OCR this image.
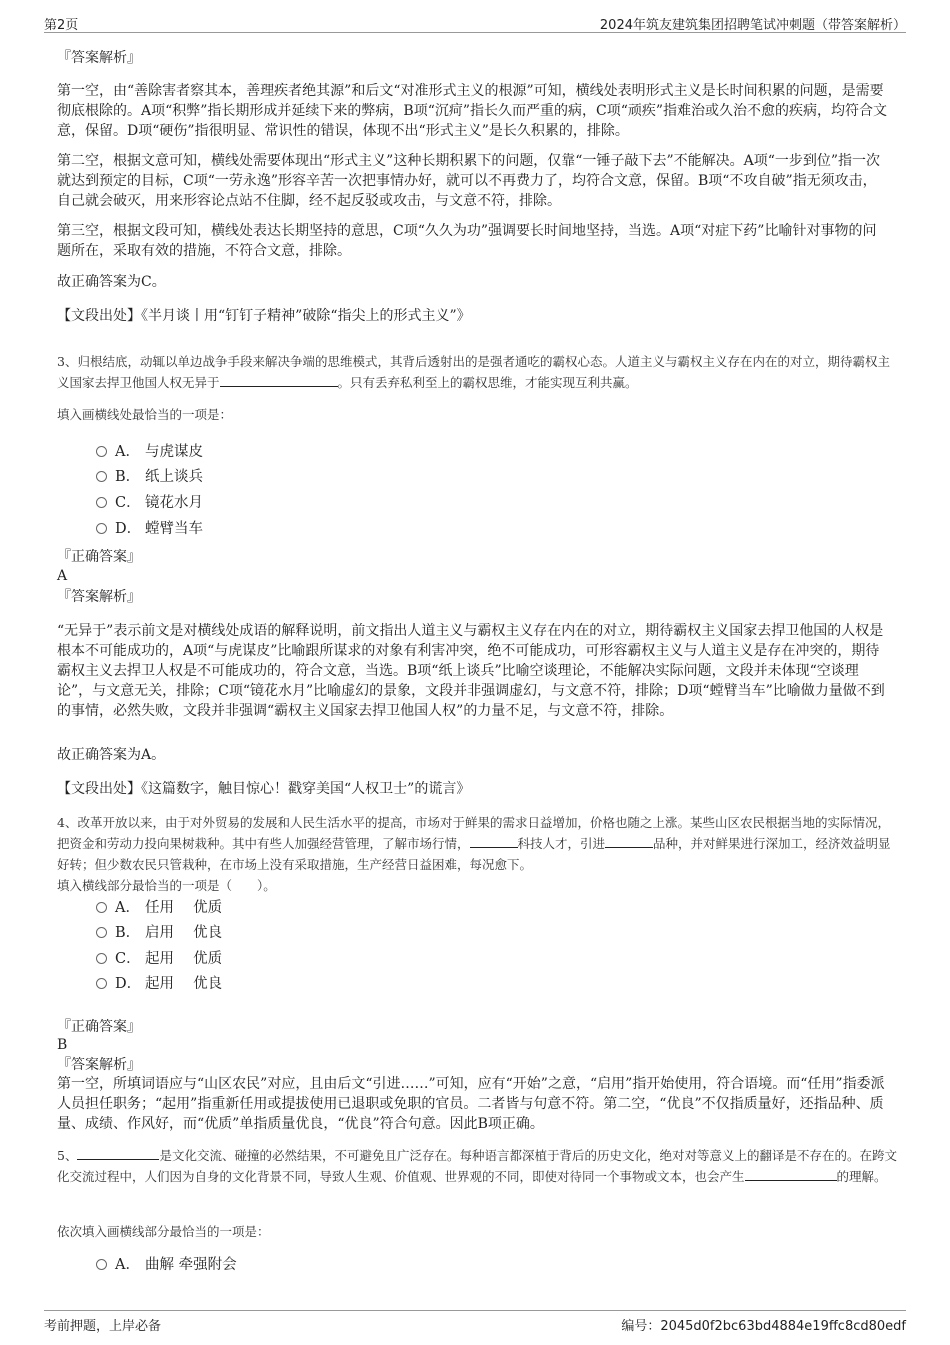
第2页	2024年筑友建筑集团招聘笔试冲刺题（带答案解析）
『答案解析』
第一空，由“善除害者察其本，善理疾者绝其源”和后文“对准形式主义的根源”可知，横线处表明形式主义是长时间积累的问题，是需要彻底根除的。A项“积弊”指长期形成并延续下来的弊病，B项“沉疴”指长久而严重的病，C项“顽疾”指难治或久治不愈的疾病，均符合文意，保留。D项“硬伤”指很明显、常识性的错误，体现不出“形式主义”是长久积累的，排除。
第二空，根据文意可知，横线处需要体现出“形式主义”这种长期积累下的问题，仅靠“一锤子敲下去”不能解决。A项“一步到位”指一次就达到预定的目标，C项“一劳永逸”形容辛苦一次把事情办好，就可以不再费力了，均符合文意，保留。B项“不攻自破”指无须攻击，自己就会破灭，用来形容论点站不住脚，经不起反驳或攻击，与文意不符，排除。
第三空，根据文段可知，横线处表达长期坚持的意思，C项“久久为功”强调要长时间地坚持，当选。A项“对症下药”比喻针对事物的问题所在，采取有效的措施，不符合文意，排除。
故正确答案为C。
【文段出处】《半月谈丨用“钉钉子精神”破除“指尖上的形式主义”》
3、归根结底，动辄以单边战争手段来解决争端的思维模式，其背后透射出的是强者通吃的霸权心态。人道主义与霸权主义存在内在的对立，期待霸权主义国家去捍卫他国人权无异于	。只有丢弃私利至上的霸权思维，才能实现互利共赢。
填入画横线处最恰当的一项是：
A． 与虎谋皮
B． 纸上谈兵
C． 镜花水月
D． 螳臂当车
『正确答案』
A
『答案解析』
“无异于”表示前文是对横线处成语的解释说明，前文指出人道主义与霸权主义存在内在的对立，期待霸权主义国家去捍卫他国的人权是根本不可能成功的，A项“与虎谋皮”比喻跟所谋求的对象有利害冲突，绝不可能成功，可形容霸权主义与人道主义是存在冲突的，期待霸权主义去捍卫人权是不可能成功的，符合文意，当选。B项“纸上谈兵”比喻空谈理论，不能解决实际问题，文段并未体现“空谈理论”，与文意无关，排除；C项“镜花水月”比喻虚幻的景象，文段并非强调虚幻，与文意不符，排除；D项“螳臂当车”比喻做力量做不到的事情，必然失败，文段并非强调“霸权主义国家去捍卫他国人权”的力量不足，与文意不符，排除。
故正确答案为A。
【文段出处】《这篇数字，触目惊心！戳穿美国“人权卫士”的谎言》
4、改革开放以来，由于对外贸易的发展和人民生活水平的提高，市场对于鲜果的需求日益增加，价格也随之上涨。某些山区农民根据当地的实际情况，把资金和劳动力投向果树栽种。其中有些人加强经营管理，了解市场行情，	科技人才，引进	品种，并对鲜果进行深加工，经济效益明显好转；但少数农民只管栽种，在市场上没有采取措施，生产经营日益困难，每况愈下。
填入横线部分最恰当的一项是（　　）。
A． 任用　 优质
B． 启用　 优良
C． 起用　 优质
D． 起用　 优良
『正确答案』
B
『答案解析』
第一空，所填词语应与“山区农民”对应，且由后文“引进……”可知，应有“开始”之意，“启用”指开始使用，符合语境。而“任用”指委派人员担任职务；“起用”指重新任用或提拔使用已退职或免职的官员。二者皆与句意不符。第二空，“优良”不仅指质量好，还指品种、质量、成绩、作风好，而“优质”单指质量优良，“优良”符合句意。因此B项正确。
5、	是文化交流、碰撞的必然结果，不可避免且广泛存在。每种语言都深植于背后的历史文化，绝对对等意义上的翻译是不存在的。在跨文化交流过程中，人们因为自身的文化背景不同，导致人生观、价值观、世界观的不同，即使对待同一个事物或文本，也会产生	的理解。
依次填入画横线部分最恰当的一项是：
A． 曲解 牵强附会
考前押题，上岸必备	编号：2045d0f2bc63bd4884e19ffc8cd80edf
